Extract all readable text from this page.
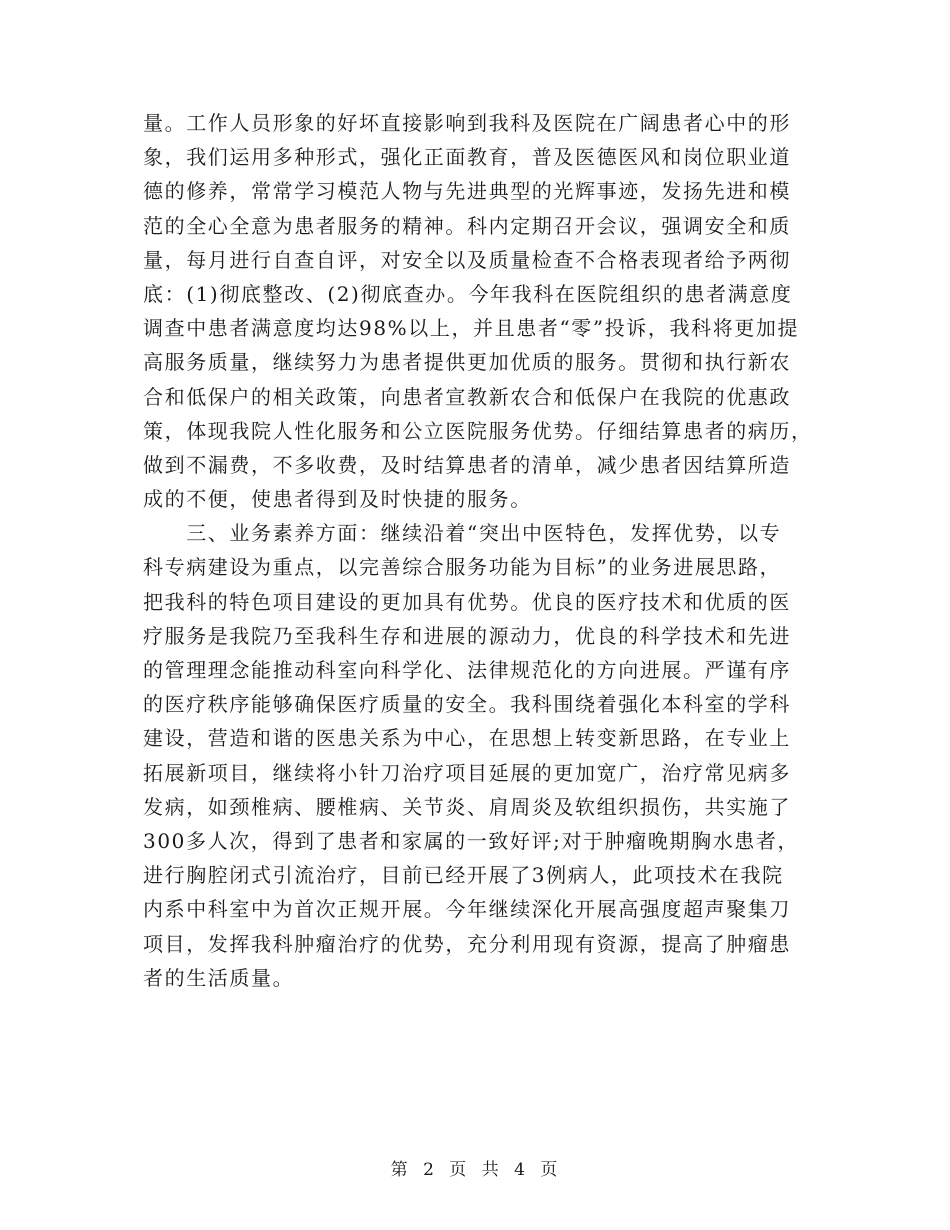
量。工作人员形象的好坏直接影响到我科及医院在广阔患者心中的形
象，我们运用多种形式，强化正面教育，普及医德医风和岗位职业道
德的修养，常常学习模范人物与先进典型的光辉事迹，发扬先进和模
范的全心全意为患者服务的精神。科内定期召开会议，强调安全和质
量，每月进行自查自评，对安全以及质量检查不合格表现者给予两彻
底：(1)彻底整改、(2)彻底查办。今年我科在医院组织的患者满意度
调查中患者满意度均达98%以上，并且患者“零”投诉，我科将更加提
高服务质量，继续努力为患者提供更加优质的服务。贯彻和执行新农
合和低保户的相关政策，向患者宣教新农合和低保户在我院的优惠政
策，体现我院人性化服务和公立医院服务优势。仔细结算患者的病历，
做到不漏费，不多收费，及时结算患者的清单，减少患者因结算所造
成的不便，使患者得到及时快捷的服务。
　　三、业务素养方面：继续沿着“突出中医特色，发挥优势，以专
科专病建设为重点，以完善综合服务功能为目标”的业务进展思路，
把我科的特色项目建设的更加具有优势。优良的医疗技术和优质的医
疗服务是我院乃至我科生存和进展的源动力，优良的科学技术和先进
的管理理念能推动科室向科学化、法律规范化的方向进展。严谨有序
的医疗秩序能够确保医疗质量的安全。我科围绕着强化本科室的学科
建设，营造和谐的医患关系为中心，在思想上转变新思路，在专业上
拓展新项目，继续将小针刀治疗项目延展的更加宽广，治疗常见病多
发病，如颈椎病、腰椎病、关节炎、肩周炎及软组织损伤，共实施了
300多人次，得到了患者和家属的一致好评;对于肿瘤晚期胸水患者，
进行胸腔闭式引流治疗，目前已经开展了3例病人，此项技术在我院
内系中科室中为首次正规开展。今年继续深化开展高强度超声聚集刀
项目，发挥我科肿瘤治疗的优势，充分利用现有资源，提高了肿瘤患
者的生活质量。
第 2 页 共 4 页
